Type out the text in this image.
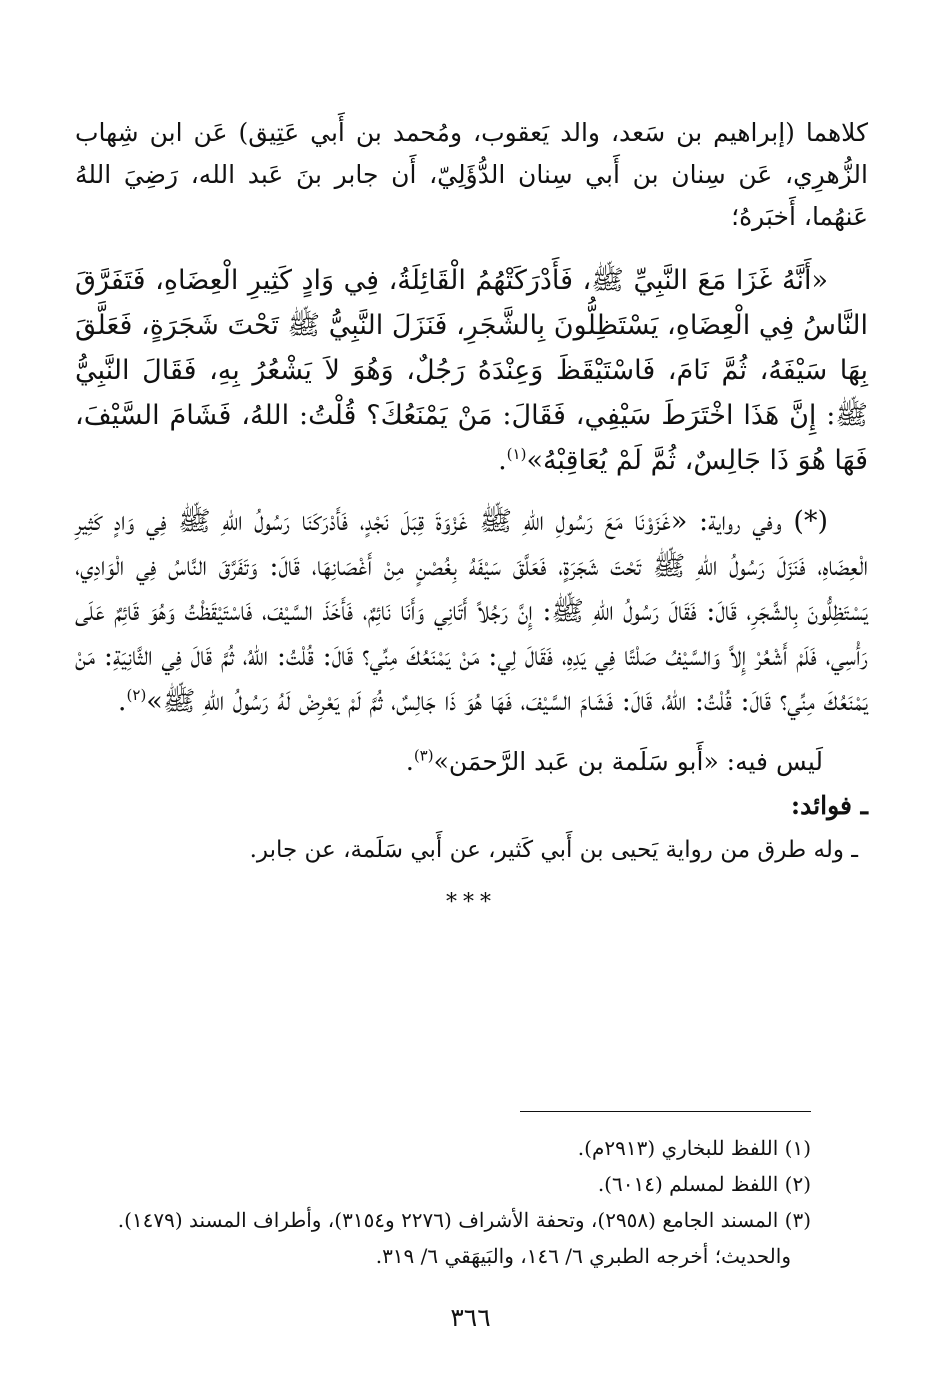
كلاهما (إبراهيم بن سَعد، والد يَعقوب، ومُحمد بن أَبي عَتِيق) عَن ابن شِهاب الزُّهرِي، عَن سِنان بن أَبي سِنان الدُّؤَلِيّ، أَن جابر بنَ عَبد الله، رَضِيَ اللهُ عَنهُما، أَخبَرهُ؛

«أَنَّهُ غَزَا مَعَ النَّبِيِّ ﷺ، فَأَدْرَكَتْهُمُ الْقَائِلَةُ، فِي وَادٍ كَثِيرِ الْعِضَاهِ، فَتَفَرَّقَ النَّاسُ فِي الْعِضَاهِ، يَسْتَظِلُّونَ بِالشَّجَرِ، فَنَزَلَ النَّبِيُّ ﷺ تَحْتَ شَجَرَةٍ، فَعَلَّقَ بِهَا سَيْفَهُ، ثُمَّ نَامَ، فَاسْتَيْقَظَ وَعِنْدَهُ رَجُلٌ، وَهُوَ لاَ يَشْعُرُ بِهِ، فَقَالَ النَّبِيُّ ﷺ: إِنَّ هَذَا اخْتَرَطَ سَيْفِي، فَقَالَ: مَنْ يَمْنَعُكَ؟ قُلْتُ: اللهُ، فَشَامَ السَّيْفَ، فَهَا هُوَ ذَا جَالِسٌ، ثُمَّ لَمْ يُعَاقِبْهُ»$^{(١)}$.

(*) وفي رواية: «غَزَوْنَا مَعَ رَسُولِ اللهِ ﷺ غَزْوَةَ قِبَلَ نَجْدٍ، فَأَدْرَكَنَا رَسُولُ اللهِ ﷺ فِي وَادٍ كَثِيرِ الْعِضَاهِ، فَنَزَلَ رَسُولُ اللهِ ﷺ تَحْتَ شَجَرَةٍ، فَعَلَّقَ سَيْفَهُ بِغُصْنٍ مِنْ أَغْصَانِهَا، قَالَ: وَتَفَرَّقَ النَّاسُ فِي الْوَادِي، يَسْتَظِلُّونَ بِالشَّجَرِ، قَالَ: فَقَالَ رَسُولُ اللهِ ﷺ: إِنَّ رَجُلاً أَتَانِي وَأَنَا نَائِمٌ، فَأَخَذَ السَّيْفَ، فَاسْتَيْقَظْتُ وَهُوَ قَائِمٌ عَلَى رَأْسِي، فَلَمْ أَشْعُرْ إِلاَّ وَالسَّيْفُ صَلْتًا فِي يَدِهِ، فَقَالَ لِي: مَنْ يَمْنَعُكَ مِنِّي؟ قَالَ: قُلْتُ: اللهُ، ثُمَّ قَالَ فِي الثَّانِيَةِ: مَنْ يَمْنَعُكَ مِنِّي؟ قَالَ: قُلْتُ: اللهُ، قَالَ: فَشَامَ السَّيْفَ، فَهَا هُوَ ذَا جَالِسٌ، ثُمَّ لَمْ يَعْرِضْ لَهُ رَسُولُ اللهِ ﷺ»$^{(٢)}$.

لَيس فيه: «أَبو سَلَمة بن عَبد الرَّحمَن»$^{(٣)}$.

ـ فوائد:

ـ وله طرق من رواية يَحيى بن أَبي كَثير، عن أَبي سَلَمة، عن جابر.

***

(١) اللفظ للبخاري (٢٩١٣م).

(٢) اللفظ لمسلم (٦٠١٤).

(٣) المسند الجامع (٢٩٥٨)، وتحفة الأشراف (٢٢٧٦ و٣١٥٤)، وأطراف المسند (١٤٧٩).

والحديث؛ أخرجه الطبري ٦/ ١٤٦، والبَيهَقي ٦/ ٣١٩.

٣٦٦
